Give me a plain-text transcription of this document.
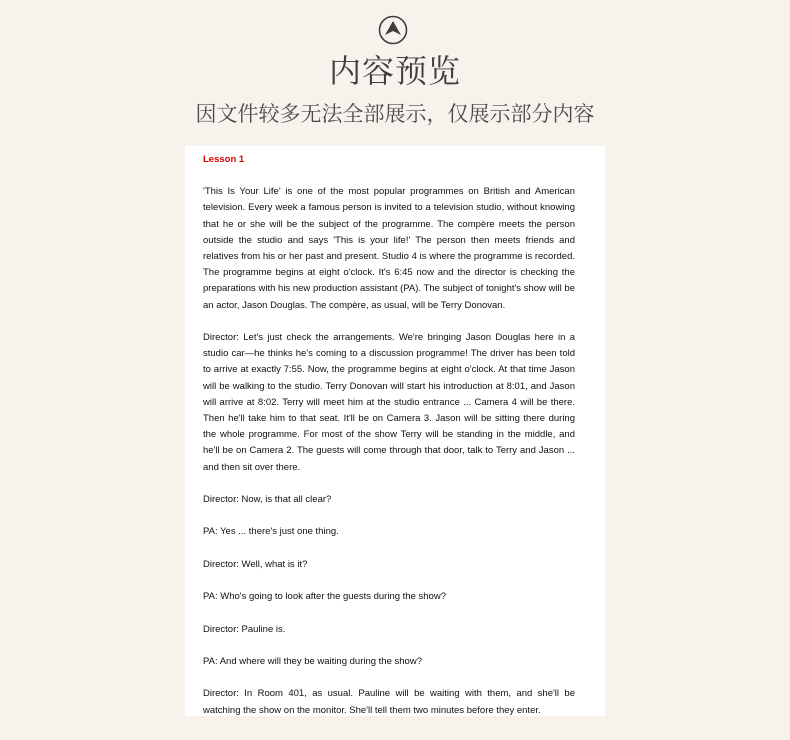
内容预览
因文件较多无法全部展示，仅展示部分内容
Lesson 1

'This Is Your Life' is one of the most popular programmes on British and American television. Every week a famous person is invited to a television studio, without knowing that he or she will be the subject of the programme. The compère meets the person outside the studio and says 'This is your life!' The person then meets friends and relatives from his or her past and present. Studio 4 is where the programme is recorded. The programme begins at eight o'clock. It's 6:45 now and the director is checking the preparations with his new production assistant (PA). The subject of tonight's show will be an actor, Jason Douglas. The compère, as usual, will be Terry Donovan.

Director: Let's just check the arrangements. We're bringing Jason Douglas here in a studio car—he thinks he's coming to a discussion programme! The driver has been told to arrive at exactly 7:55. Now, the programme begins at eight o'clock. At that time Jason will be walking to the studio. Terry Donovan will start his introduction at 8:01, and Jason will arrive at 8:02. Terry will meet him at the studio entrance ... Camera 4 will be there. Then he'll take him to that seat. It'll be on Camera 3. Jason will be sitting there during the whole programme. For most of the show Terry will be standing in the middle, and he'll be on Camera 2. The guests will come through that door, talk to Terry and Jason ... and then sit over there.

Director: Now, is that all clear?

PA: Yes ... there's just one thing.

Director: Well, what is it?

PA: Who's going to look after the guests during the show?

Director: Pauline is.

PA: And where will they be waiting during the show?

Director: In Room 401, as usual. Pauline will be waiting with them, and she'll be watching the show on the monitor. She'll tell them two minutes before they enter.
